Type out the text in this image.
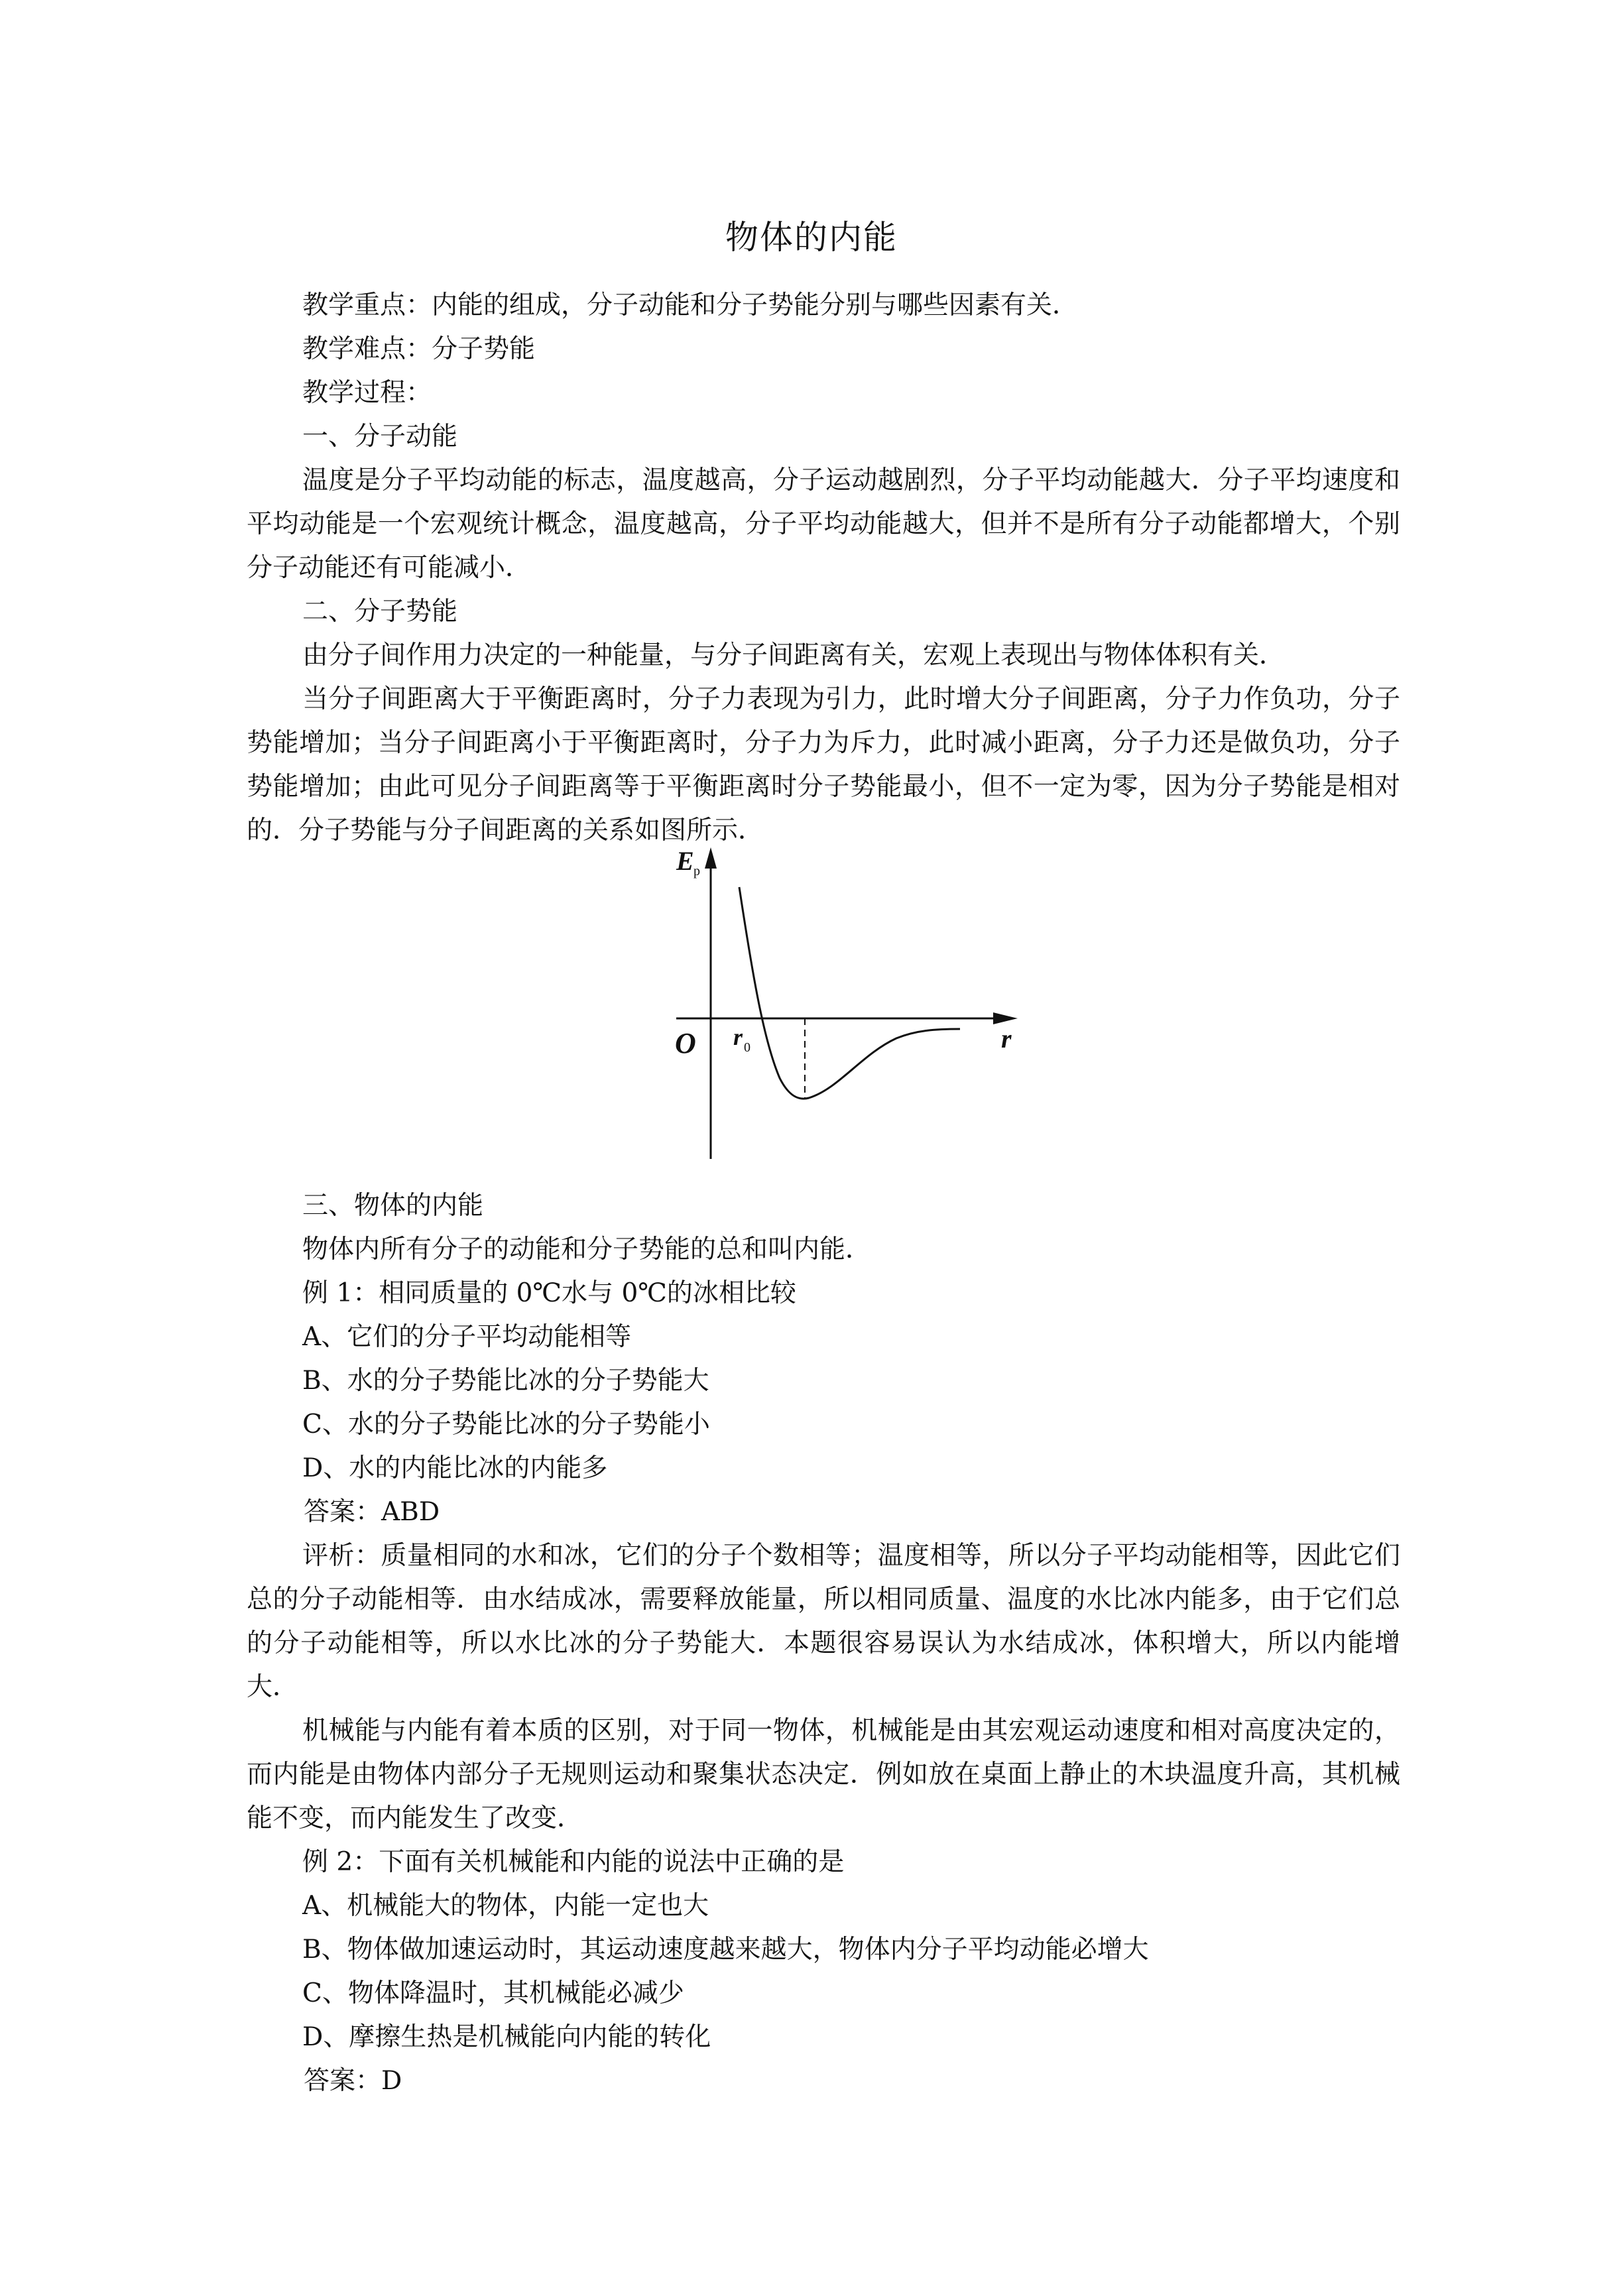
物体的内能
教学重点：内能的组成，分子动能和分子势能分别与哪些因素有关．
教学难点：分子势能
教学过程：
一、分子动能
温度是分子平均动能的标志，温度越高，分子运动越剧烈，分子平均动能越大．分子平均速度和平均动能是一个宏观统计概念，温度越高，分子平均动能越大，但并不是所有分子动能都增大，个别分子动能还有可能减小．
二、分子势能
由分子间作用力决定的一种能量，与分子间距离有关，宏观上表现出与物体体积有关．
当分子间距离大于平衡距离时，分子力表现为引力，此时增大分子间距离，分子力作负功，分子势能增加；当分子间距离小于平衡距离时，分子力为斥力，此时减小距离，分子力还是做负功，分子势能增加；由此可见分子间距离等于平衡距离时分子势能最小，但不一定为零，因为分子势能是相对的．分子势能与分子间距离的关系如图所示．
E p
O r 0	r
三、物体的内能
物体内所有分子的动能和分子势能的总和叫内能．
例 1：相同质量的 0℃水与 0℃的冰相比较
A、它们的分子平均动能相等
B、水的分子势能比冰的分子势能大
C、水的分子势能比冰的分子势能小
D、水的内能比冰的内能多
答案：ABD
评析：质量相同的水和冰，它们的分子个数相等；温度相等，所以分子平均动能相等，因此它们总的分子动能相等．由水结成冰，需要释放能量，所以相同质量、温度的水比冰内能多，由于它们总的分子动能相等，所以水比冰的分子势能大．本题很容易误认为水结成冰，体积增大，所以内能增大．
机械能与内能有着本质的区别，对于同一物体，机械能是由其宏观运动速度和相对高度决定的，而内能是由物体内部分子无规则运动和聚集状态决定．例如放在桌面上静止的木块温度升高，其机械能不变，而内能发生了改变．
例 2：下面有关机械能和内能的说法中正确的是
A、机械能大的物体，内能一定也大
B、物体做加速运动时，其运动速度越来越大，物体内分子平均动能必增大
C、物体降温时，其机械能必减少
D、摩擦生热是机械能向内能的转化
答案：D
